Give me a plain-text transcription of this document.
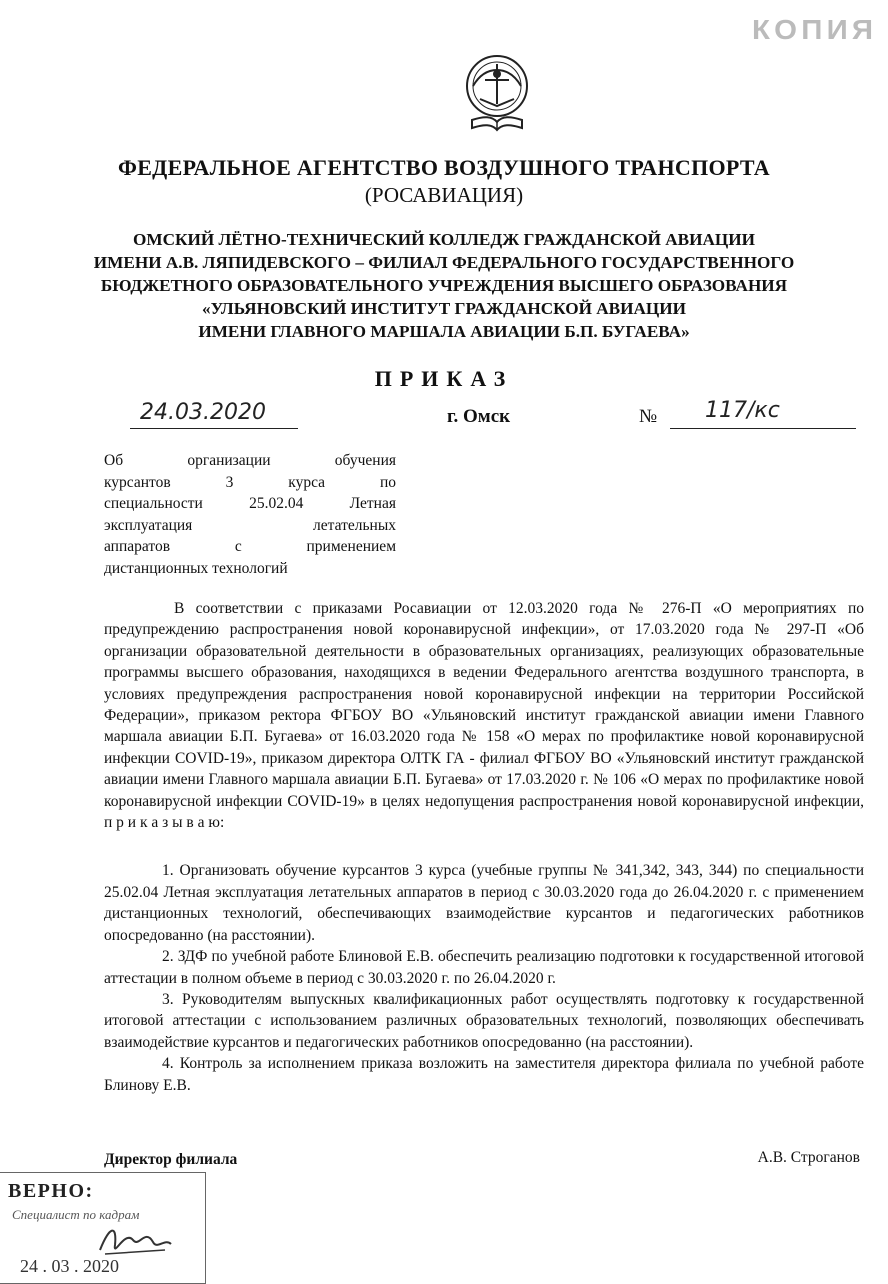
КОПИЯ
ФЕДЕРАЛЬНОЕ АГЕНТСТВО ВОЗДУШНОГО ТРАНСПОРТА
(РОСАВИАЦИЯ)
ОМСКИЙ ЛЁТНО-ТЕХНИЧЕСКИЙ КОЛЛЕДЖ ГРАЖДАНСКОЙ АВИАЦИИ
ИМЕНИ А.В. ЛЯПИДЕВСКОГО – ФИЛИАЛ ФЕДЕРАЛЬНОГО ГОСУДАРСТВЕННОГО
БЮДЖЕТНОГО ОБРАЗОВАТЕЛЬНОГО УЧРЕЖДЕНИЯ ВЫСШЕГО ОБРАЗОВАНИЯ
«УЛЬЯНОВСКИЙ ИНСТИТУТ ГРАЖДАНСКОЙ АВИАЦИИ
ИМЕНИ ГЛАВНОГО МАРШАЛА АВИАЦИИ Б.П. БУГАЕВА»
ПРИКАЗ
24.03.2020	г. Омск	№ 117/кс
Об организации обучения
курсантов 3 курса по
специальности 25.02.04 Летная
эксплуатация летательных
аппаратов с применением
дистанционных технологий

В соответствии с приказами Росавиации от 12.03.2020 года № 276-П «О мероприятиях по предупреждению распространения новой коронавирусной инфекции», от 17.03.2020 года № 297-П «Об организации образовательной деятельности в образовательных организациях, реализующих образовательные программы высшего образования, находящихся в ведении Федерального агентства воздушного транспорта, в условиях предупреждения распространения новой коронавирусной инфекции на территории Российской Федерации», приказом ректора ФГБОУ ВО «Ульяновский институт гражданской авиации имени Главного маршала авиации Б.П. Бугаева» от 16.03.2020 года № 158 «О мерах по профилактике новой коронавирусной инфекции COVID-19», приказом директора ОЛТК ГА - филиал ФГБОУ ВО «Ульяновский институт гражданской авиации имени Главного маршала авиации Б.П. Бугаева» от 17.03.2020 г. № 106 «О мерах по профилактике новой коронавирусной инфекции COVID-19» в целях недопущения распространения новой коронавирусной инфекции, п р и к а з ы в а ю:

1. Организовать обучение курсантов 3 курса (учебные группы № 341,342, 343, 344) по специальности 25.02.04 Летная эксплуатация летательных аппаратов в период с 30.03.2020 года до 26.04.2020 г. с применением дистанционных технологий, обеспечивающих взаимодействие курсантов и педагогических работников опосредованно (на расстоянии).

2. ЗДФ по учебной работе Блиновой Е.В. обеспечить реализацию подготовки к государственной итоговой аттестации в полном объеме в период с 30.03.2020 г. по 26.04.2020 г.

3. Руководителям выпускных квалификационных работ осуществлять подготовку к государственной итоговой аттестации с использованием различных образовательных технологий, позволяющих обеспечивать взаимодействие курсантов и педагогических работников опосредованно (на расстоянии).

4. Контроль за исполнением приказа возложить на заместителя директора филиала по учебной работе Блинову Е.В.

Директор филиала	А.В. Строганов
ВЕРНО:
Специалист по кадрам
24 . 03 . 2020
